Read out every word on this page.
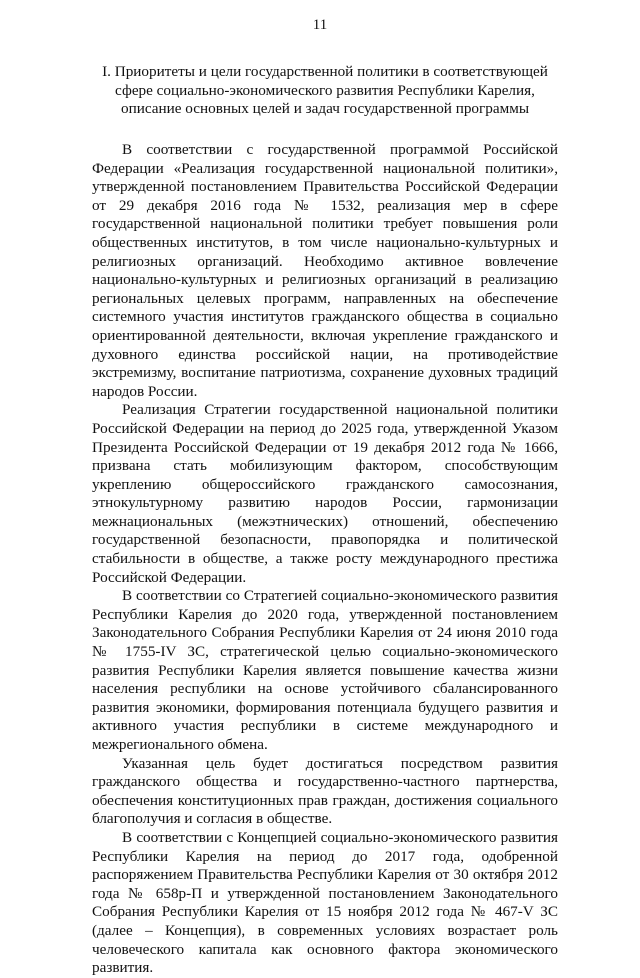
11
I. Приоритеты и цели государственной политики в соответствующей сфере социально-экономического развития Республики Карелия, описание основных целей и задач государственной программы

В соответствии с государственной программой Российской Федерации «Реализация государственной национальной политики», утвержденной постановлением Правительства Российской Федерации от 29 декабря 2016 года № 1532, реализация мер в сфере государственной национальной политики требует повышения роли общественных институтов, в том числе национально-культурных и религиозных организаций. Необходимо активное вовлечение национально-культурных и религиозных организаций в реализацию региональных целевых программ, направленных на обеспечение системного участия институтов гражданского общества в социально ориентированной деятельности, включая укрепление гражданского и духовного единства российской нации, на противодействие экстремизму, воспитание патриотизма, сохранение духовных традиций народов России.

Реализация Стратегии государственной национальной политики Российской Федерации на период до 2025 года, утвержденной Указом Президента Российской Федерации от 19 декабря 2012 года № 1666, призвана стать мобилизующим фактором, способствующим укреплению общероссийского гражданского самосознания, этнокультурному развитию народов России, гармонизации межнациональных (межэтнических) отношений, обеспечению государственной безопасности, правопорядка и политической стабильности в обществе, а также росту международного престижа Российской Федерации.

В соответствии со Стратегией социально-экономического развития Республики Карелия до 2020 года, утвержденной постановлением Законодательного Собрания Республики Карелия от 24 июня 2010 года № 1755-IV ЗС, стратегической целью социально-экономического развития Республики Карелия является повышение качества жизни населения республики на основе устойчивого сбалансированного развития экономики, формирования потенциала будущего развития и активного участия республики в системе международного и межрегионального обмена.

Указанная цель будет достигаться посредством развития гражданского общества и государственно-частного партнерства, обеспечения конституционных прав граждан, достижения социального благополучия и согласия в обществе.

В соответствии с Концепцией социально-экономического развития Республики Карелия на период до 2017 года, одобренной распоряжением Правительства Республики Карелия от 30 октября 2012 года № 658р-П и утвержденной постановлением Законодательного Собрания Республики Карелия от 15 ноября 2012 года № 467-V ЗС (далее – Концепция), в современных условиях возрастает роль человеческого капитала как основного фактора экономического развития.
